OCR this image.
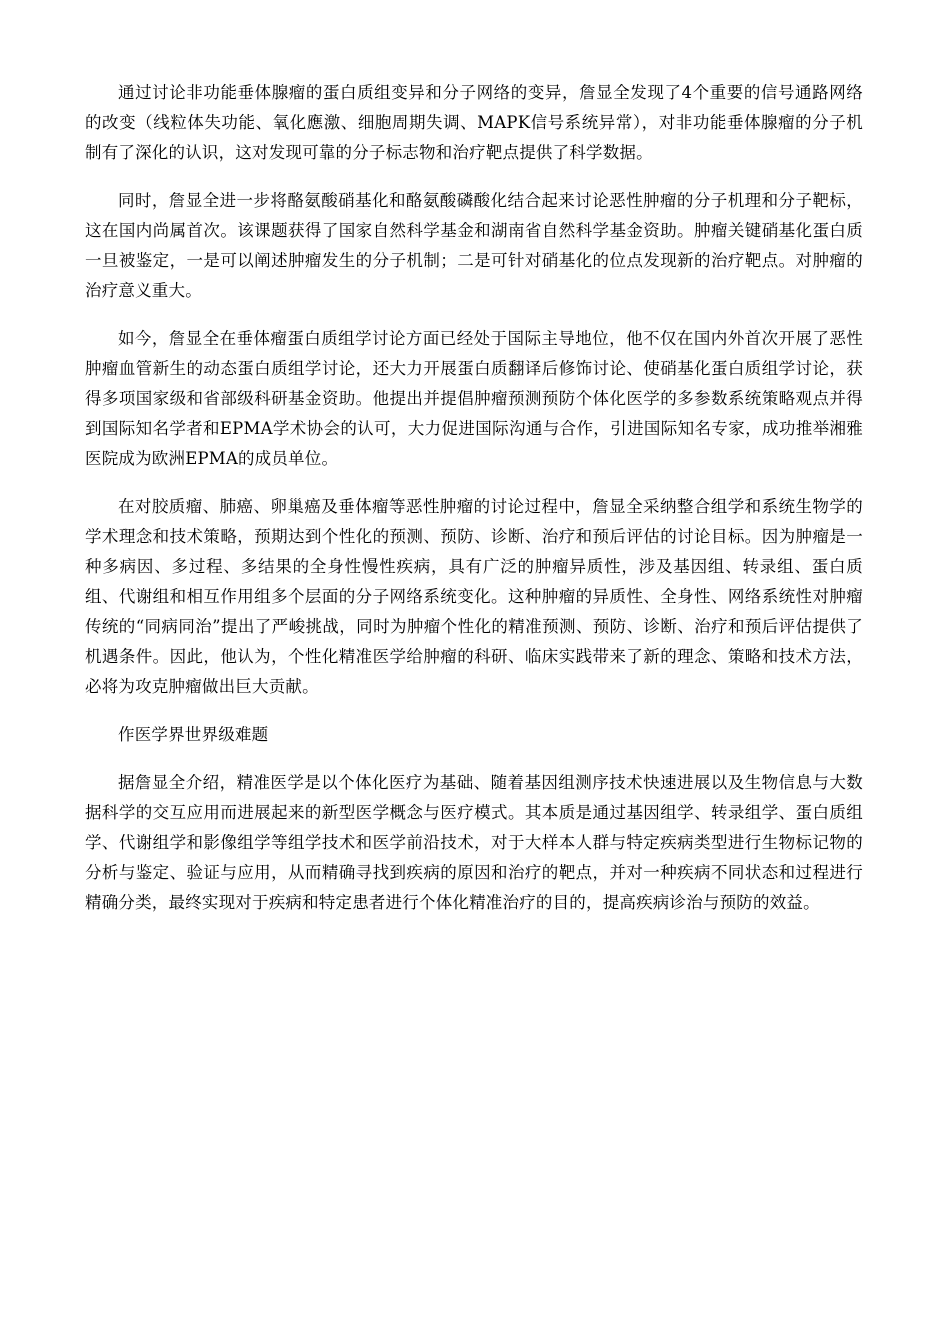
通过讨论非功能垂体腺瘤的蛋白质组变异和分子网络的变异，詹显全发现了4个重要的信号通路网络的改变（线粒体失功能、氧化應激、细胞周期失调、MAPK信号系统异常），对非功能垂体腺瘤的分子机制有了深化的认识，这对发现可靠的分子标志物和治疗靶点提供了科学数据。

同时，詹显全进一步将酪氨酸硝基化和酪氨酸磷酸化结合起来讨论恶性肿瘤的分子机理和分子靶标，这在国内尚属首次。该课题获得了国家自然科学基金和湖南省自然科学基金资助。肿瘤关键硝基化蛋白质一旦被鉴定，一是可以阐述肿瘤发生的分子机制；二是可针对硝基化的位点发现新的治疗靶点。对肿瘤的治疗意义重大。

如今，詹显全在垂体瘤蛋白质组学讨论方面已经处于国际主导地位，他不仅在国内外首次开展了恶性肿瘤血管新生的动态蛋白质组学讨论，还大力开展蛋白质翻译后修饰讨论、使硝基化蛋白质组学讨论，获得多项国家级和省部级科研基金资助。他提出并提倡肿瘤预测预防个体化医学的多参数系统策略观点并得到国际知名学者和EPMA学术协会的认可，大力促进国际沟通与合作，引进国际知名专家，成功推举湘雅医院成为欧洲EPMA的成员单位。

在对胶质瘤、肺癌、卵巢癌及垂体瘤等恶性肿瘤的讨论过程中，詹显全采纳整合组学和系统生物学的学术理念和技术策略，预期达到个性化的预测、预防、诊断、治疗和预后评估的讨论目标。因为肿瘤是一种多病因、多过程、多结果的全身性慢性疾病，具有广泛的肿瘤异质性，涉及基因组、转录组、蛋白质组、代谢组和相互作用组多个层面的分子网络系统变化。这种肿瘤的异质性、全身性、网络系统性对肿瘤传统的“同病同治”提出了严峻挑战，同时为肿瘤个性化的精准预测、预防、诊断、治疗和预后评估提供了机遇条件。因此，他认为，个性化精准医学给肿瘤的科研、临床实践带来了新的理念、策略和技术方法，必将为攻克肿瘤做出巨大贡献。

作医学界世界级难题

据詹显全介绍，精准医学是以个体化医疗为基础、随着基因组测序技术快速进展以及生物信息与大数据科学的交互应用而进展起来的新型医学概念与医疗模式。其本质是通过基因组学、转录组学、蛋白质组学、代谢组学和影像组学等组学技术和医学前沿技术，对于大样本人群与特定疾病类型进行生物标记物的分析与鉴定、验证与应用，从而精确寻找到疾病的原因和治疗的靶点，并对一种疾病不同状态和过程进行精确分类，最终实现对于疾病和特定患者进行个体化精准治疗的目的，提高疾病诊治与预防的效益。
